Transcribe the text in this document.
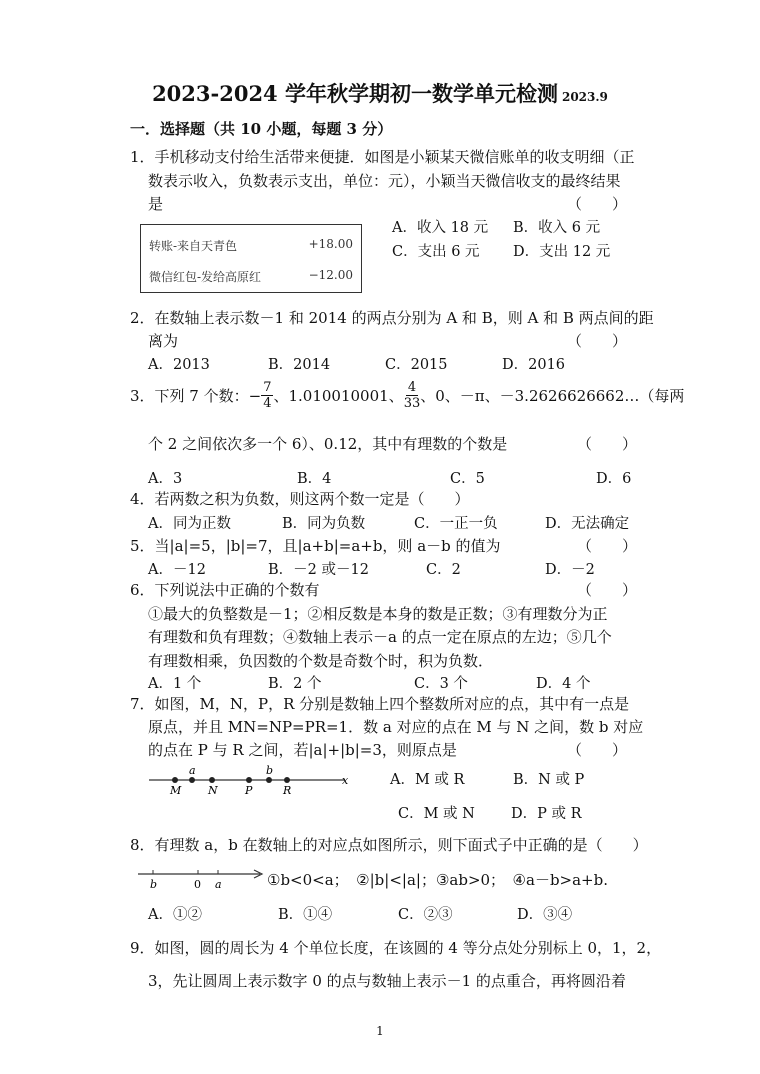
2023-2024 学年秋学期初一数学单元检测 2023.9
一．选择题（共 10 小题，每题 3 分）
1．手机移动支付给生活带来便捷．如图是小颖某天微信账单的收支明细（正
数表示收入，负数表示支出，单位：元），小颖当天微信收支的最终结果
是	（　　）
转账-来自天青色	+18.00
微信红包-发给高原红	−12.00
A．收入 18 元 B．收入 6 元
C．支出 6 元 D．支出 12 元
2．在数轴上表示数－1 和 2014 的两点分别为 A 和 B，则 A 和 B 两点间的距
离为	（　　）
A．2013	B．2014	C．2015	D．2016
3．下列 7 个数：− $\frac{7}{4}$ 、1.010010001、 $\frac{4}{33}$ 、0、－π、－3.2626626662…（每两
个 2 之间依次多一个 6）、0.12，其中有理数的个数是	（　　）
A．3	B．4	C．5	D．6
4．若两数之积为负数，则这两个数一定是（　　）
A．同为正数	B．同为负数	C．一正一负	D．无法确定
5．当|a|=5，|b|=7，且|a+b|=a+b，则 a－b 的值为	（　　）
A．－12	B．－2 或－12	C．2	D．－2
6．下列说法中正确的个数有	（　　）
①最大的负整数是－1；②相反数是本身的数是正数；③有理数分为正
有理数和负有理数；④数轴上表示－a 的点一定在原点的左边；⑤几个
有理数相乘，负因数的个数是奇数个时，积为负数．
A．1 个	B．2 个	C．3 个	D．4 个
7．如图，M，N，P，R 分别是数轴上四个整数所对应的点，其中有一点是
原点，并且 MN=NP=PR=1．数 a 对应的点在 M 与 N 之间，数 b 对应
的点在 P 与 R 之间，若|a|+|b|=3，则原点是	（　　）
M
a
N P
b
R
x	A．M 或 R	B．N 或 P
C．M 或 N D．P 或 R
8．有理数 a，b 在数轴上的对应点如图所示，则下面式子中正确的是（　　）
b	0 a	①b<0<a；　②|b|<|a|；③ab>0；　④a－b>a+b.
A．①②	B．①④	C．②③	D．③④
9．如图，圆的周长为 4 个单位长度，在该圆的 4 等分点处分别标上 0，1，2，
3，先让圆周上表示数字 0 的点与数轴上表示－1 的点重合，再将圆沿着
1
